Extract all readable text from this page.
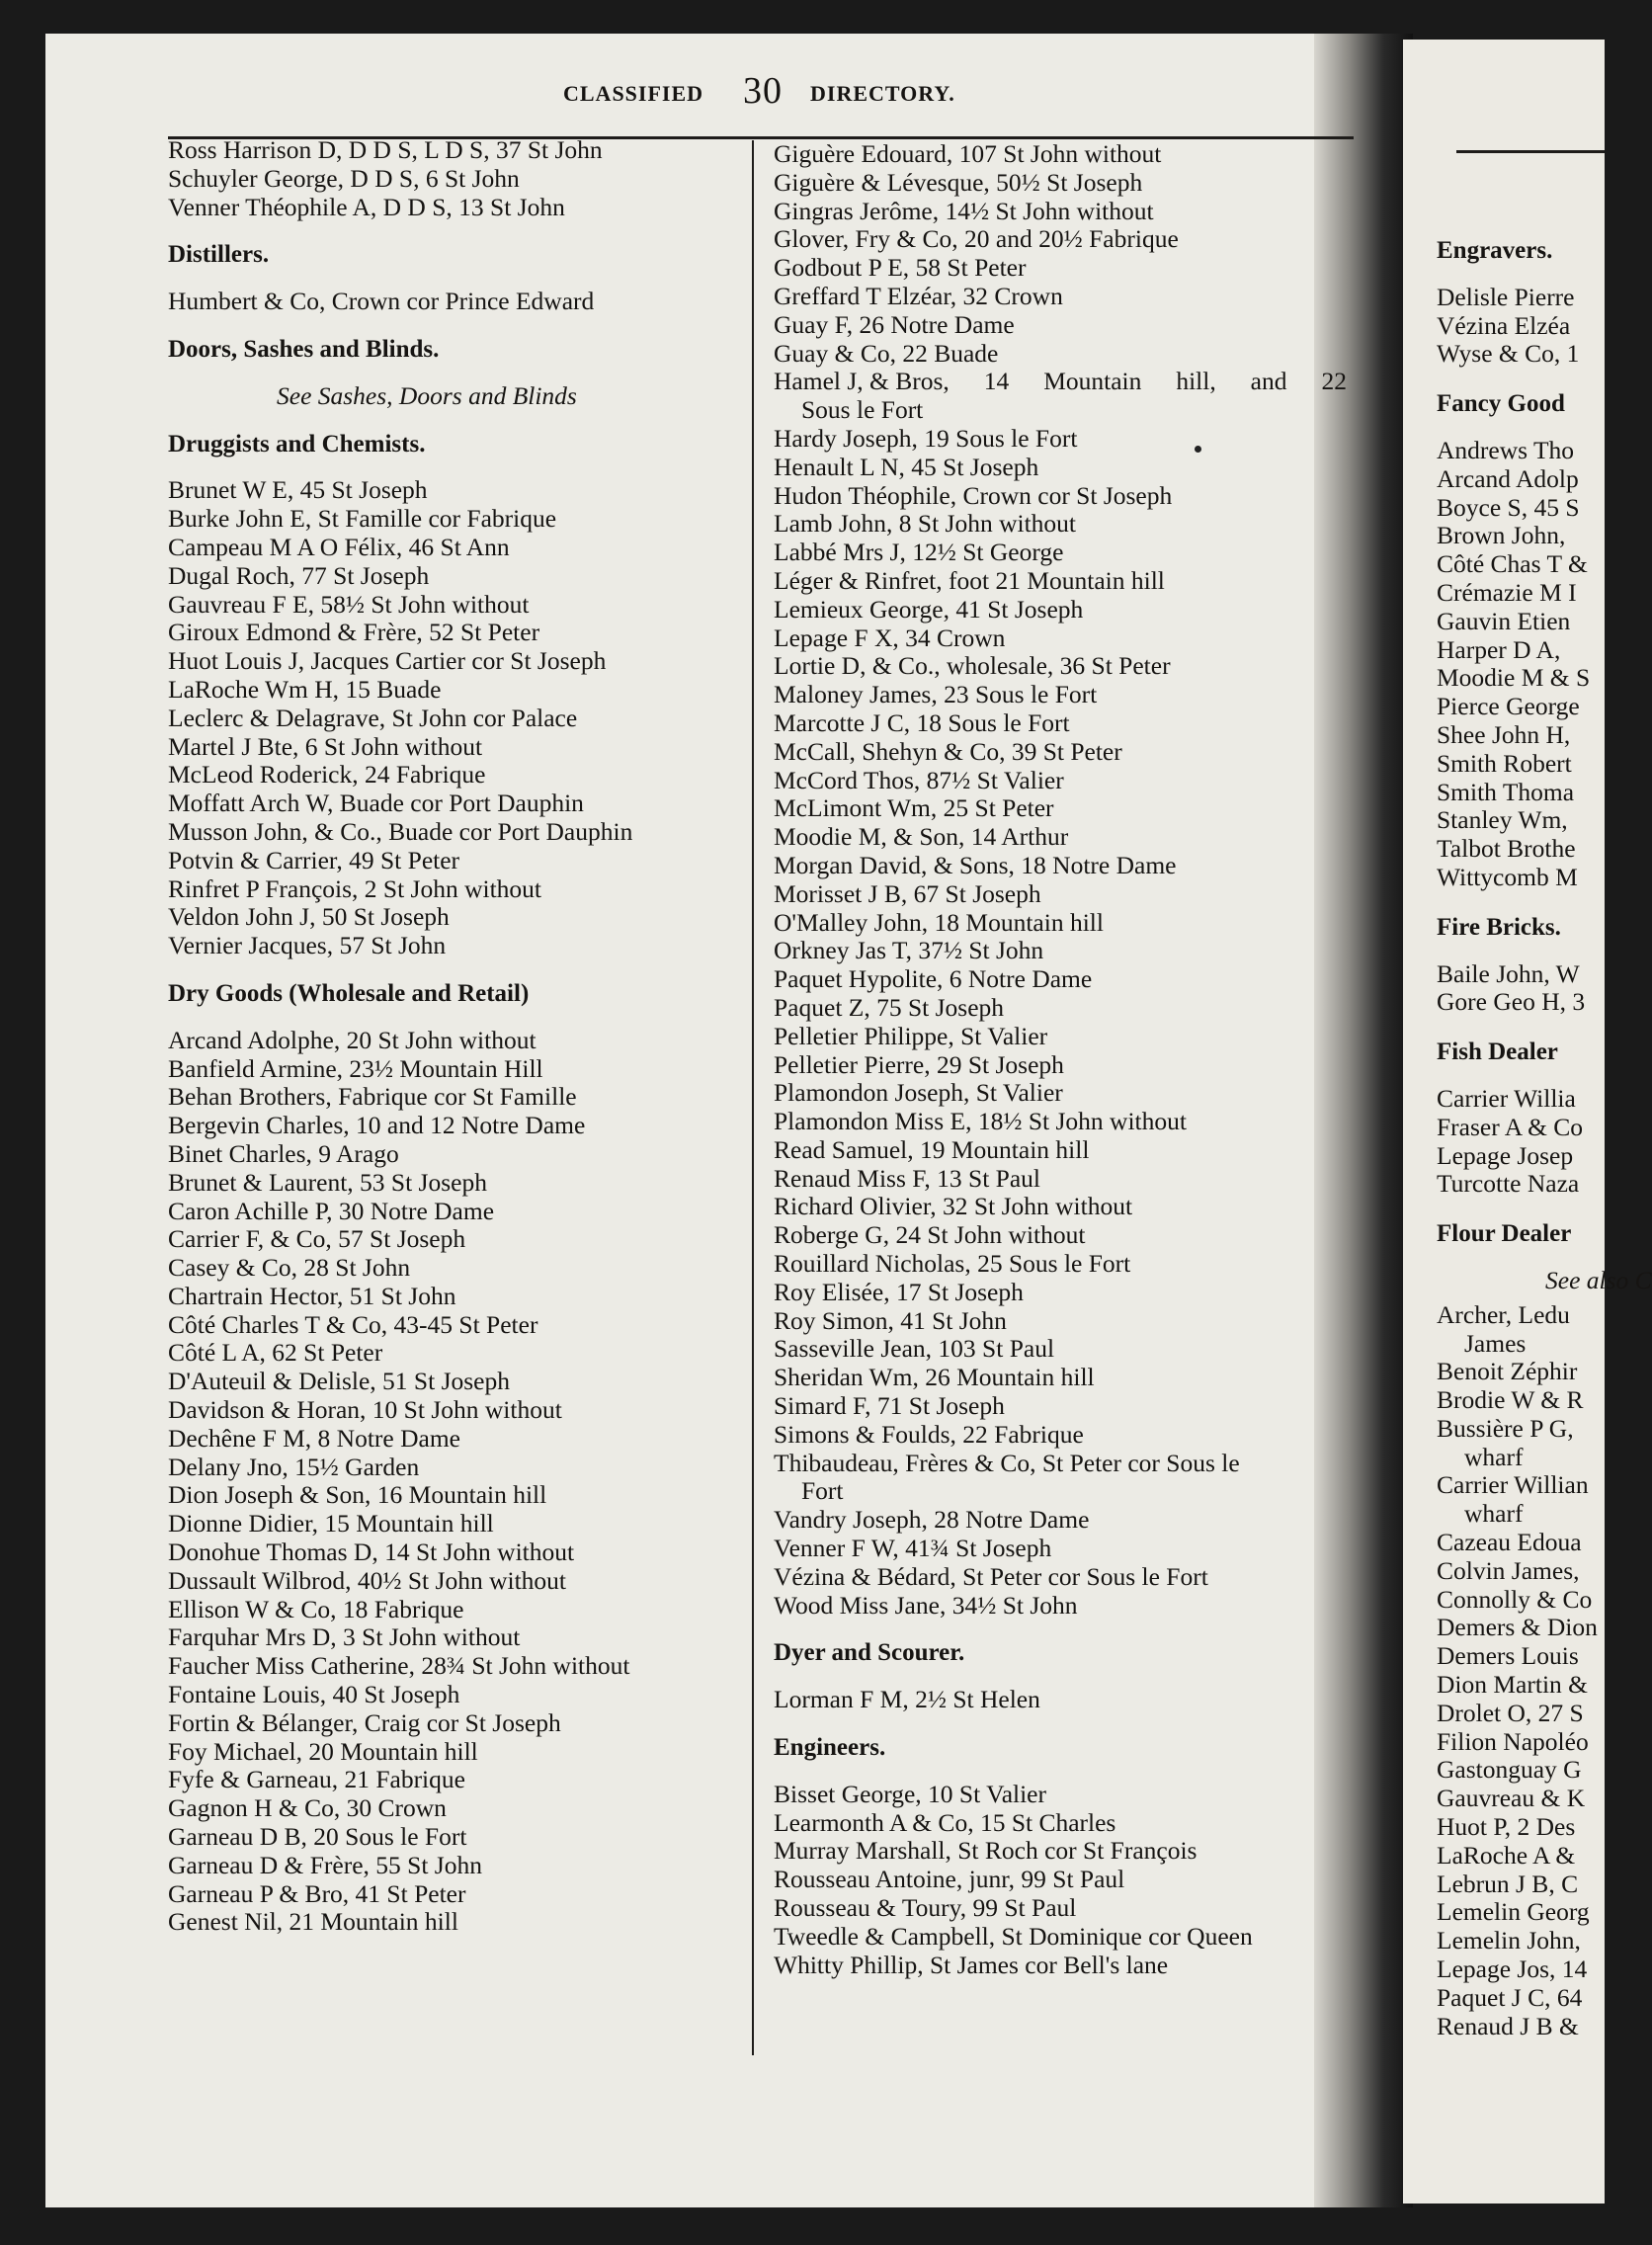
Engravers.
Delisle Pierre
Vézina Elzéa
Wyse & Co, 1
Fancy Good
Andrews Tho
Arcand Adolp
Boyce S, 45 S
Brown John,
Côté Chas T &
Crémazie M I
Gauvin Etien
Harper D A,
Moodie M & S
Pierce George
Shee John H,
Smith Robert
Smith Thoma
Stanley Wm,
Talbot Brothe
Wittycomb M
Fire Bricks.
Baile John, W
Gore Geo H, 3
Fish Dealer
Carrier Willia
Fraser A & Co
Lepage Josep
Turcotte Naza
Flour Dealer
See also C
Archer, Ledu
James
Benoit Zéphir
Brodie W & R
Bussière P G,
wharf
Carrier Willian
wharf
Cazeau Edoua
Colvin James,
Connolly & Co
Demers & Dion
Demers Louis
Dion Martin &
Drolet O, 27 S
Filion Napoléo
Gastonguay G
Gauvreau & K
Huot P, 2 Des
LaRoche A &
Lebrun J B, C
Lemelin Georg
Lemelin John,
Lepage Jos, 14
Paquet J C, 64
Renaud J B &
CLASSIFIED 30 DIRECTORY.
Ross Harrison D, D D S, L D S, 37 St John
Schuyler George, D D S, 6 St John
Venner Théophile A, D D S, 13 St John
Distillers.
Humbert & Co, Crown cor Prince Edward
Doors, Sashes and Blinds.
See Sashes, Doors and Blinds
Druggists and Chemists.
Brunet W E, 45 St Joseph
Burke John E, St Famille cor Fabrique
Campeau M A O Félix, 46 St Ann
Dugal Roch, 77 St Joseph
Gauvreau F E, 58½ St John without
Giroux Edmond & Frère, 52 St Peter
Huot Louis J, Jacques Cartier cor St Joseph
LaRoche Wm H, 15 Buade
Leclerc & Delagrave, St John cor Palace
Martel J Bte, 6 St John without
McLeod Roderick, 24 Fabrique
Moffatt Arch W, Buade cor Port Dauphin
Musson John, & Co., Buade cor Port Dauphin
Potvin & Carrier, 49 St Peter
Rinfret P François, 2 St John without
Veldon John J, 50 St Joseph
Vernier Jacques, 57 St John
Dry Goods (Wholesale and Retail)
Arcand Adolphe, 20 St John without
Banfield Armine, 23½ Mountain Hill
Behan Brothers, Fabrique cor St Famille
Bergevin Charles, 10 and 12 Notre Dame
Binet Charles, 9 Arago
Brunet & Laurent, 53 St Joseph
Caron Achille P, 30 Notre Dame
Carrier F, & Co, 57 St Joseph
Casey & Co, 28 St John
Chartrain Hector, 51 St John
Côté Charles T & Co, 43-45 St Peter
Côté L A, 62 St Peter
D'Auteuil & Delisle, 51 St Joseph
Davidson & Horan, 10 St John without
Dechêne F M, 8 Notre Dame
Delany Jno, 15½ Garden
Dion Joseph & Son, 16 Mountain hill
Dionne Didier, 15 Mountain hill
Donohue Thomas D, 14 St John without
Dussault Wilbrod, 40½ St John without
Ellison W & Co, 18 Fabrique
Farquhar Mrs D, 3 St John without
Faucher Miss Catherine, 28¾ St John without
Fontaine Louis, 40 St Joseph
Fortin & Bélanger, Craig cor St Joseph
Foy Michael, 20 Mountain hill
Fyfe & Garneau, 21 Fabrique
Gagnon H & Co, 30 Crown
Garneau D B, 20 Sous le Fort
Garneau D & Frère, 55 St John
Garneau P & Bro, 41 St Peter
Genest Nil, 21 Mountain hill
Giguère Edouard, 107 St John without
Giguère & Lévesque, 50½ St Joseph
Gingras Jerôme, 14½ St John without
Glover, Fry & Co, 20 and 20½ Fabrique
Godbout P E, 58 St Peter
Greffard T Elzéar, 32 Crown
Guay F, 26 Notre Dame
Guay & Co, 22 Buade
Hamel J, & Bros, 14 Mountain hill, and 22
Sous le Fort
Hardy Joseph, 19 Sous le Fort
Henault L N, 45 St Joseph
Hudon Théophile, Crown cor St Joseph
Lamb John, 8 St John without
Labbé Mrs J, 12½ St George
Léger & Rinfret, foot 21 Mountain hill
Lemieux George, 41 St Joseph
Lepage F X, 34 Crown
Lortie D, & Co., wholesale, 36 St Peter
Maloney James, 23 Sous le Fort
Marcotte J C, 18 Sous le Fort
McCall, Shehyn & Co, 39 St Peter
McCord Thos, 87½ St Valier
McLimont Wm, 25 St Peter
Moodie M, & Son, 14 Arthur
Morgan David, & Sons, 18 Notre Dame
Morisset J B, 67 St Joseph
O'Malley John, 18 Mountain hill
Orkney Jas T, 37½ St John
Paquet Hypolite, 6 Notre Dame
Paquet Z, 75 St Joseph
Pelletier Philippe, St Valier
Pelletier Pierre, 29 St Joseph
Plamondon Joseph, St Valier
Plamondon Miss E, 18½ St John without
Read Samuel, 19 Mountain hill
Renaud Miss F, 13 St Paul
Richard Olivier, 32 St John without
Roberge G, 24 St John without
Rouillard Nicholas, 25 Sous le Fort
Roy Elisée, 17 St Joseph
Roy Simon, 41 St John
Sasseville Jean, 103 St Paul
Sheridan Wm, 26 Mountain hill
Simard F, 71 St Joseph
Simons & Foulds, 22 Fabrique
Thibaudeau, Frères & Co, St Peter cor Sous le
Fort
Vandry Joseph, 28 Notre Dame
Venner F W, 41¾ St Joseph
Vézina & Bédard, St Peter cor Sous le Fort
Wood Miss Jane, 34½ St John
Dyer and Scourer.
Lorman F M, 2½ St Helen
Engineers.
Bisset George, 10 St Valier
Learmonth A & Co, 15 St Charles
Murray Marshall, St Roch cor St François
Rousseau Antoine, junr, 99 St Paul
Rousseau & Toury, 99 St Paul
Tweedle & Campbell, St Dominique cor Queen
Whitty Phillip, St James cor Bell's lane
